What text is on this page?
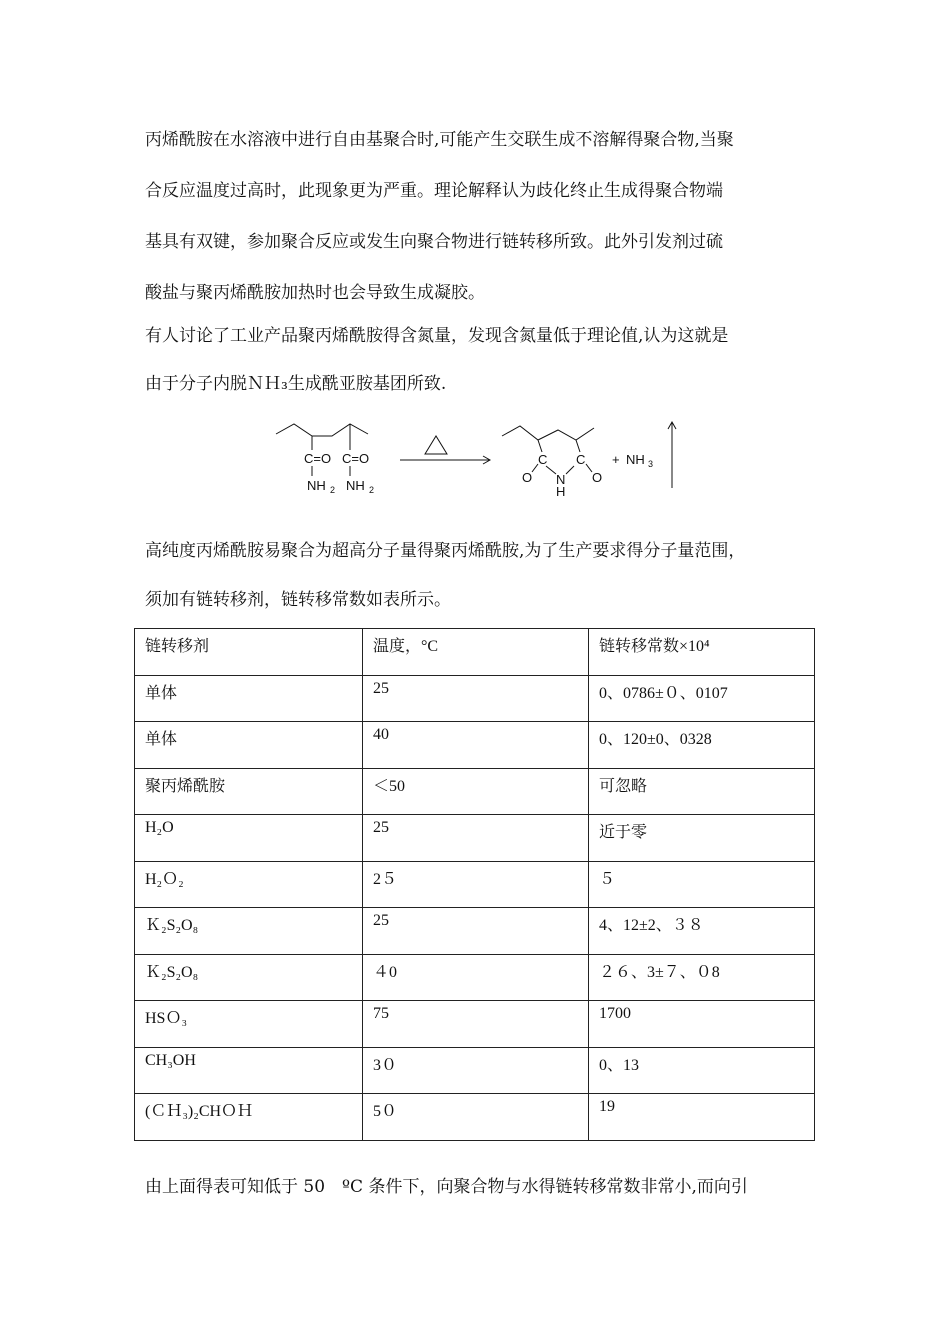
丙烯酰胺在水溶液中进行自由基聚合时,可能产生交联生成不溶解得聚合物,当聚

合反应温度过高时，此现象更为严重。理论解释认为歧化终止生成得聚合物端

基具有双键，参加聚合反应或发生向聚合物进行链转移所致。此外引发剂过硫

酸盐与聚丙烯酰胺加热时也会导致生成凝胶。

有人讨论了工业产品聚丙烯酰胺得含氮量，发现含氮量低于理论值,认为这就是

由于分子内脱ＮＨ₃生成酰亚胺基团所致.

C=O C=O
NH 2 NH 2
C C
N
H
O	O
+ NH 3

高纯度丙烯酰胺易聚合为超高分子量得聚丙烯酰胺,为了生产要求得分子量范围，

须加有链转移剂，链转移常数如表所示。

链转移剂	温度，°C	链转移常数×10⁴
单体	25	0、0786±０、0107
单体	40	0、120±0、0328
聚丙烯酰胺	＜50	可忽略
H₂O	25	近于零
H₂Ｏ₂	2５	５
Ｋ₂S₂O₈	25	4、12±2、３８
Ｋ₂S₂O₈	４0	２６、3±７、０8
HSＯ₃	75	1700
CH₃OH	3０	0、13
(ＣＨ₃)₂CHＯＨ	5０	19

由上面得表可知低于 50　ºC 条件下，向聚合物与水得链转移常数非常小,而向引
